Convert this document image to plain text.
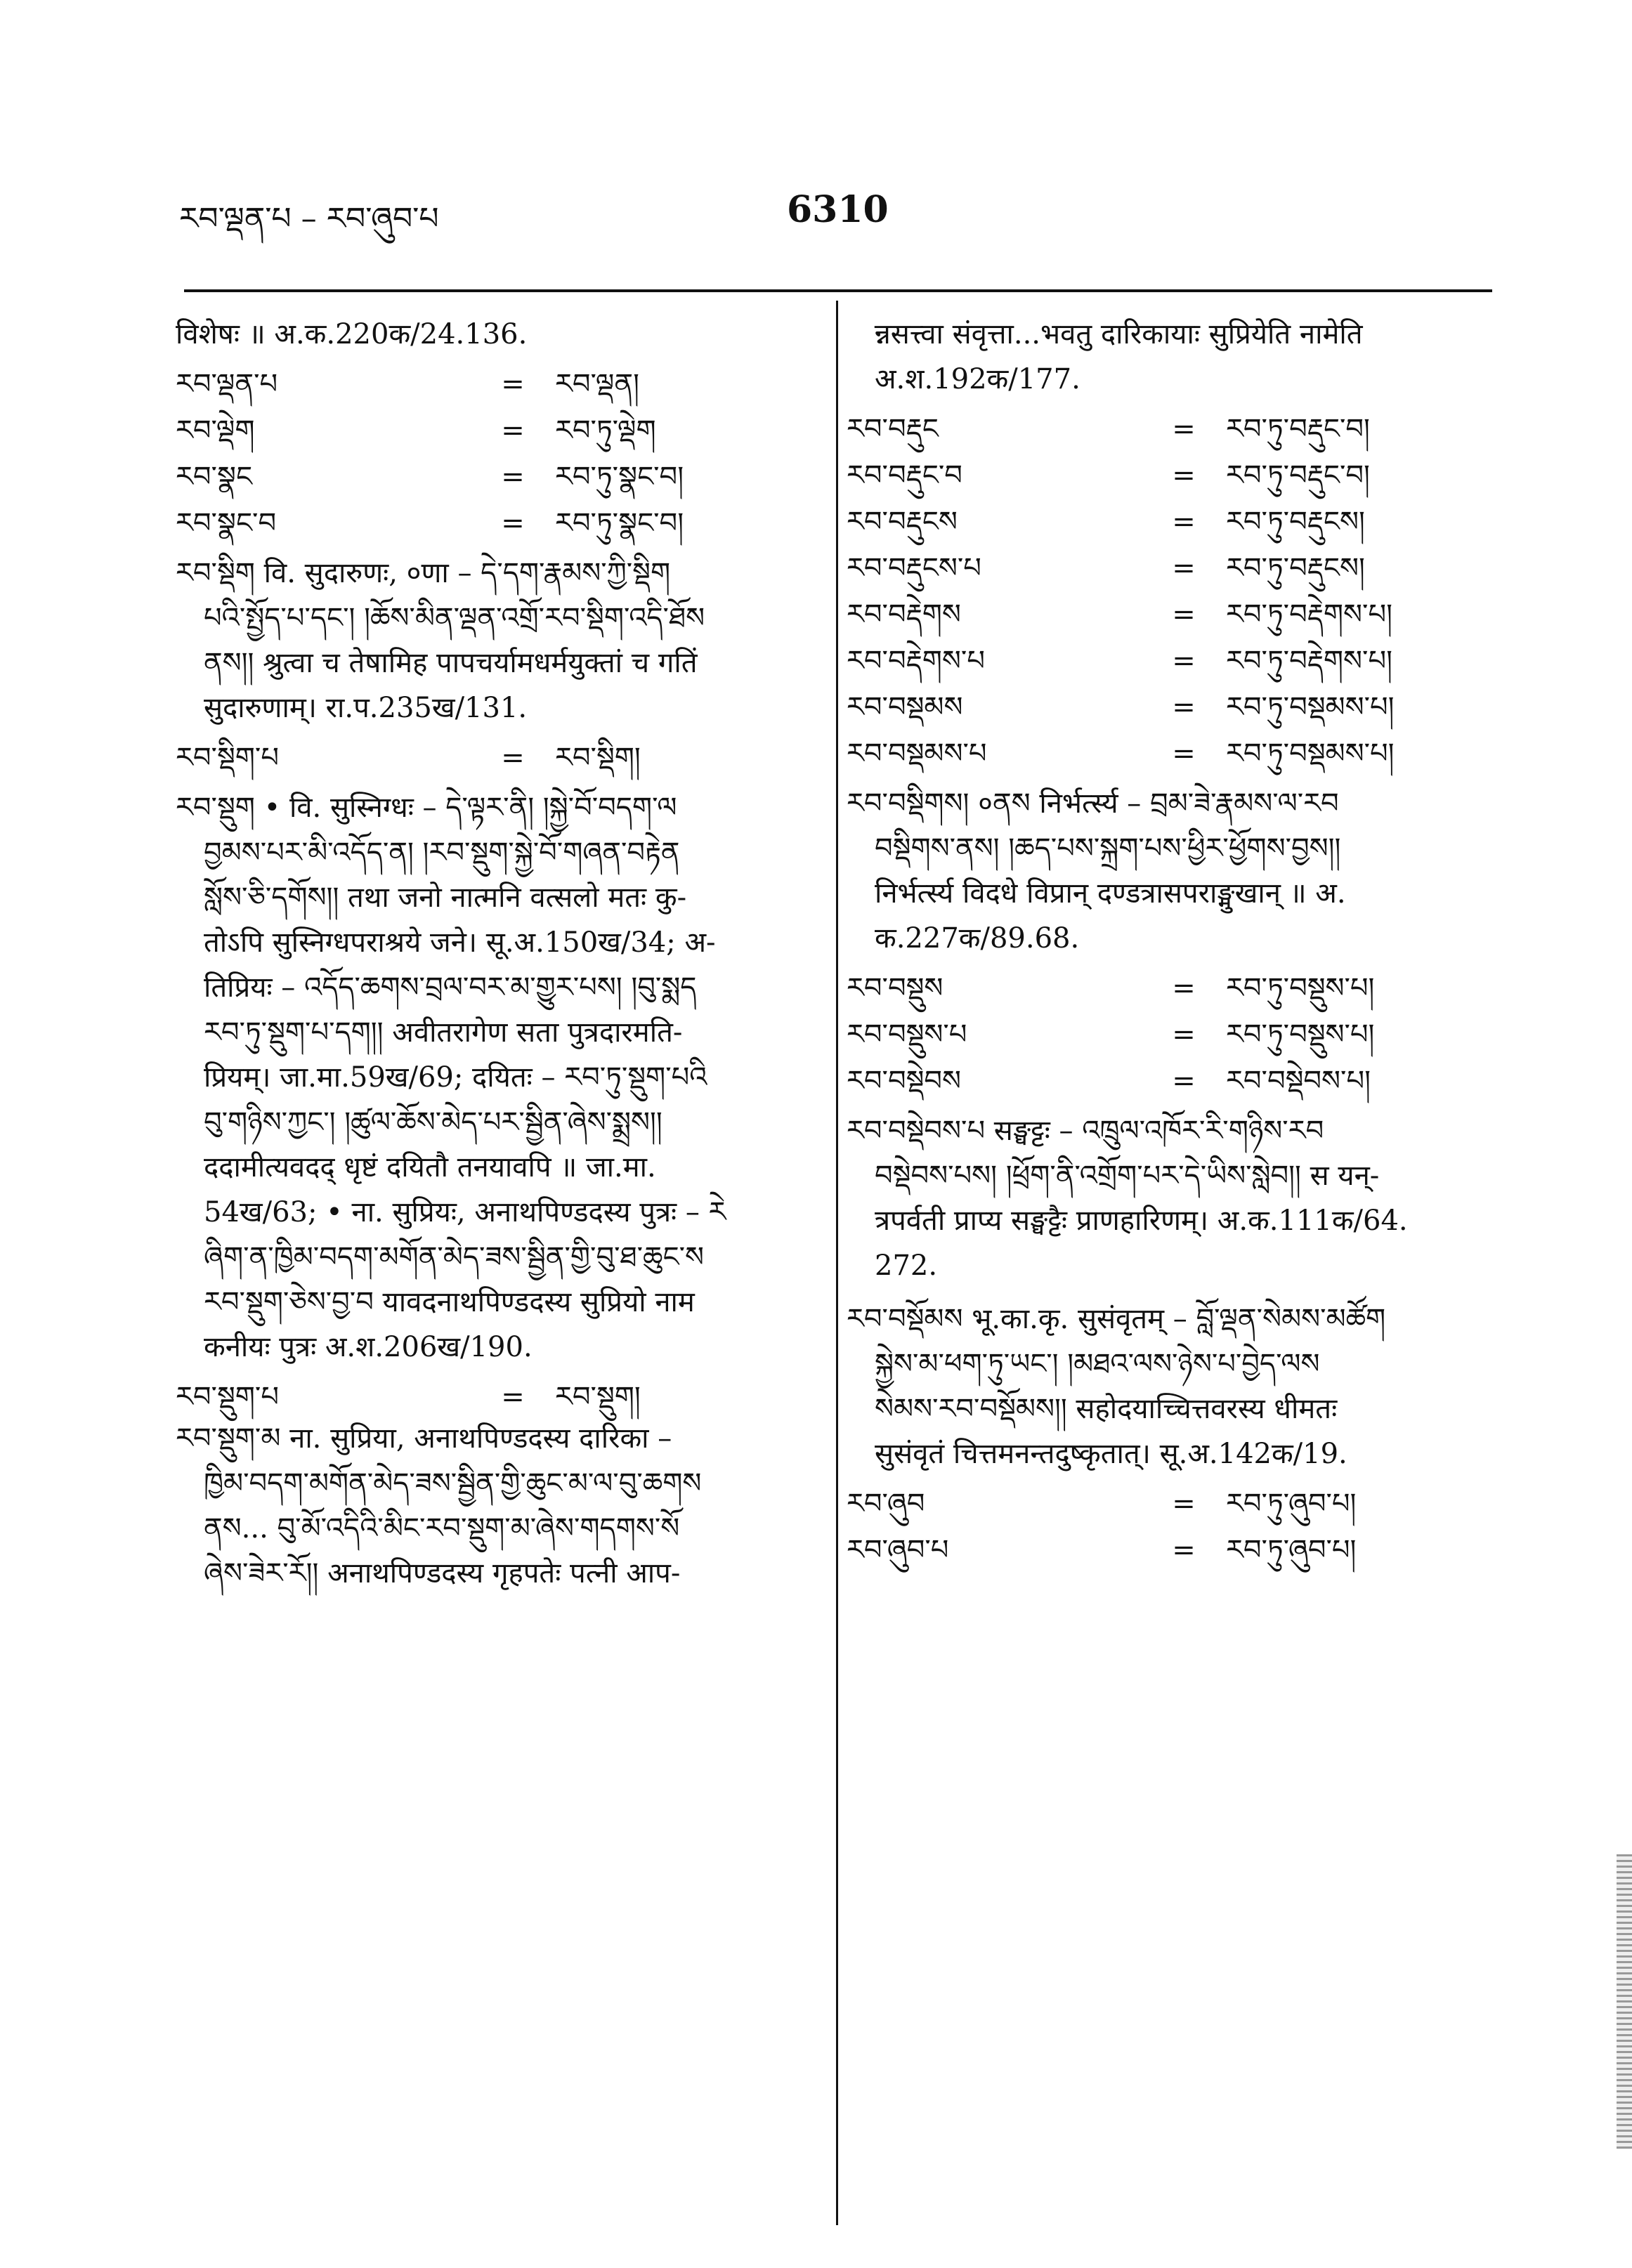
རབ་ལྡན་པ – རབ་ཞུབ་པ	6310
विशेषः ॥ अ.क.220क/24.136.
རབ་ལྡན་པ	=	རབ་ལྡན།
རབ་ལྡེག	=	རབ་ཏུ་ལྡེག
རབ་སྣང	=	རབ་ཏུ་སྣང་བ།
རབ་སྣང་བ	=	རབ་ཏུ་སྣང་བ།
རབ་སྡིག वि. सुदारुणः, ०णा – དེ་དག་རྣམས་ཀྱི་སྡིག
པའི་སྤྱོད་པ་དང་། །ཆོས་མིན་ལྡན་འགྲོ་རབ་སྡིག་འདི་ཐོས
ནས།། श्रुत्वा च तेषामिह पापचर्यामधर्मयुक्तां च गतिं
सुदारुणाम्। रा.प.235ख/131.
རབ་སྡིག་པ	=	རབ་སྡིག།
རབ་སྡུག • वि. सुस्निग्धः – དེ་ལྟར་ནི། །སྐྱེ་བོ་བདག་ལ
བྱམས་པར་མི་འདོད་ན། །རབ་སྡུག་སྐྱེ་བོ་གཞན་བརྟེན
སློས་ཅི་དགོས།། तथा जनो नात्मनि वत्सलो मतः कु-
तोऽपि सुस्निग्धपराश्रये जने। सू.अ.150ख/34; अ-
तिप्रियः – འདོད་ཆགས་བྲལ་བར་མ་གྱུར་པས། །བུ་སྨད
རབ་ཏུ་སྡུག་པ་དག།། अवीतरागेण सता पुत्रदारमति-
प्रियम्। जा.मा.59ख/69; दयितः – རབ་ཏུ་སྡུག་པའི
བུ་གཉིས་ཀྱང་། །ཚུལ་ཆོས་མེད་པར་སྦྱིན་ཞེས་སྨྲས།།
ददामीत्यवदद् धृष्टं दयितौ तनयावपि ॥ जा.मा.
54ख/63; • ना. सुप्रियः, अनाथपिण्डदस्य पुत्रः – རེ
ཞིག་ན་ཁྱིམ་བདག་མགོན་མེད་ཟས་སྦྱིན་གྱི་བུ་ཐ་ཆུང་ས
རབ་སྡུག་ཅེས་བྱ་བ यावदनाथपिण्डदस्य सुप्रियो नाम
कनीयः पुत्रः अ.श.206ख/190.
རབ་སྡུག་པ	=	རབ་སྡུག།
རབ་སྡུག་མ ना. सुप्रिया, अनाथपिण्डदस्य दारिका –
ཁྱིམ་བདག་མགོན་མེད་ཟས་སྦྱིན་གྱི་ཆུང་མ་ལ་བུ་ཆགས
ནས... བུ་མོ་འདིའི་མིང་རབ་སྡུག་མ་ཞེས་གདགས་སོ
ཞེས་ཟེར་རོ།། अनाथपिण्डदस्य गृहपतेः पत्नी आप-
न्नसत्त्वा संवृत्ता...भवतु दारिकायाः सुप्रियेति नामेति
अ.श.192क/177.
རབ་བརྡུང	=	རབ་ཏུ་བརྡུང་བ།
རབ་བརྡུང་བ	=	རབ་ཏུ་བརྡུང་བ།
རབ་བརྡུངས	=	རབ་ཏུ་བརྡུངས།
རབ་བརྡུངས་པ	=	རབ་ཏུ་བརྡུངས།
རབ་བརྡེགས	=	རབ་ཏུ་བརྡེགས་པ།
རབ་བརྡེགས་པ	=	རབ་ཏུ་བརྡེགས་པ།
རབ་བསྡམས	=	རབ་ཏུ་བསྡམས་པ།
རབ་བསྡམས་པ	=	རབ་ཏུ་བསྡམས་པ།
རབ་བསྡིགས། ०ནས निर्भर्त्स्य – བྲམ་ཟེ་རྣམས་ལ་རབ
བསྡིགས་ནས། །ཆད་པས་སྐྲག་པས་ཕྱིར་ཕྱོགས་བྱས།།
निर्भर्त्स्य विदधे विप्रान् दण्डत्रासपराङ्मुखान् ॥ अ.
क.227क/89.68.
རབ་བསྡུས	=	རབ་ཏུ་བསྡུས་པ།
རབ་བསྡུས་པ	=	རབ་ཏུ་བསྡུས་པ།
རབ་བསྡེབས	=	རབ་བསྡེབས་པ།
རབ་བསྡེབས་པ सङ्घट्टः – འཁྲུལ་འཁོར་རི་གཉིས་རབ
བསྡེབས་པས། །ཕྲོག་ནི་འགྲོག་པར་དེ་ཡིས་སླེབ།། स यन्-
त्रपर्वती प्राप्य सङ्घट्टैः प्राणहारिणम्। अ.क.111क/64.
272.
རབ་བསྡོམས भू.का.कृ. सुसंवृतम् – བློ་ལྡན་སེམས་མཚོག
སྐྱེས་མ་ཕག་ཏུ་ཡང་། །མཐའ་ལས་ཉེས་པ་བྱེད་ལས
སེམས་རབ་བསྡོམས།། सहोदयाच्चित्तवरस्य धीमतः
सुसंवृतं चित्तमनन्तदुष्कृतात्। सू.अ.142क/19.
རབ་ཞུབ	=	རབ་ཏུ་ཞུབ་པ།
རབ་ཞུབ་པ	=	རབ་ཏུ་ཞུབ་པ།
